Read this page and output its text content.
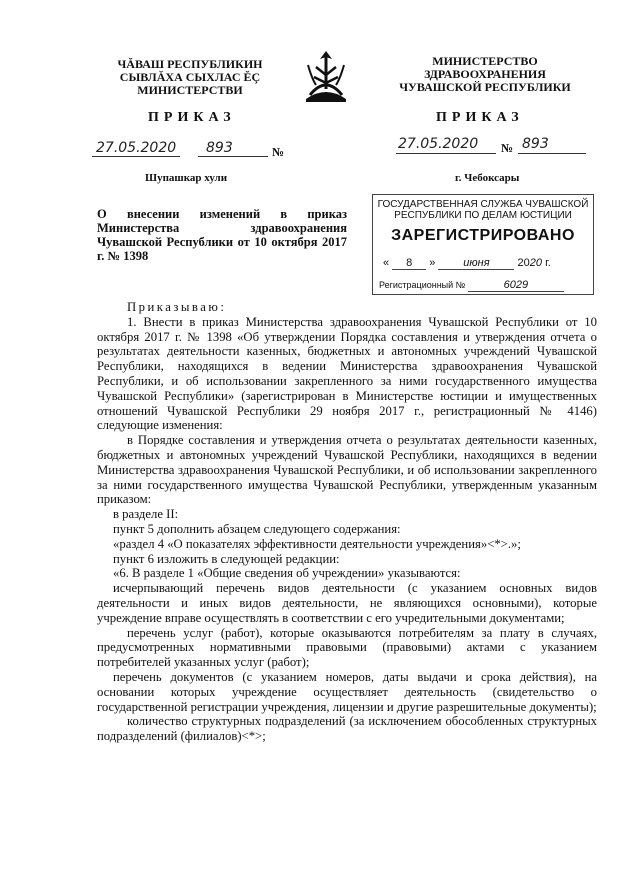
ЧĂВАШ РЕСПУБЛИКИН
СЫВЛĂХА СЫХЛАС ĔÇ
МИНИСТЕРСТВИ
МИНИСТЕРСТВО
ЗДРАВООХРАНЕНИЯ
ЧУВАШСКОЙ РЕСПУБЛИКИ
ПРИКАЗ	ПРИКАЗ
27.05.2020 893	№	27.05.2020 № 893
Шупашкар хули	г. Чебоксары
ГОСУДАРСТВЕННАЯ СЛУЖБА ЧУВАШСКОЙ
РЕСПУБЛИКИ ПО ДЕЛАМ ЮСТИЦИИ
ЗАРЕГИСТРИРОВАНО
« 8 »	июня	2020 г.
Регистрационный №	6029
О внесении изменений в приказ Министерства здравоохранения Чувашской Республики от 10 октября 2017 г. № 1398

Приказываю:

1. Внести в приказ Министерства здравоохранения Чувашской Республики от 10 октября 2017 г. № 1398 «Об утверждении Порядка составления и утверждения отчета о результатах деятельности казенных, бюджетных и автономных учреждений Чувашской Республики, находящихся в ведении Министерства здравоохранения Чувашской Республики, и об использовании закрепленного за ними государственного имущества Чувашской Республики» (зарегистрирован в Министерстве юстиции и имущественных отношений Чувашской Республики 29 ноября 2017 г., регистрационный № 4146) следующие изменения:

в Порядке составления и утверждения отчета о результатах деятельности казенных, бюджетных и автономных учреждений Чувашской Республики, находящихся в ведении Министерства здравоохранения Чувашской Республики, и об использовании закрепленного за ними государственного имущества Чувашской Республики, утвержденным указанным приказом:

в разделе II:

пункт 5 дополнить абзацем следующего содержания:

«раздел 4 «О показателях эффективности деятельности учреждения»<*>.»;

пункт 6 изложить в следующей редакции:

«6. В разделе 1 «Общие сведения об учреждении» указываются:

исчерпывающий перечень видов деятельности (с указанием основных видов деятельности и иных видов деятельности, не являющихся основными), которые учреждение вправе осуществлять в соответствии с его учредительными документами;

перечень услуг (работ), которые оказываются потребителям за плату в случаях, предусмотренных нормативными правовыми (правовыми) актами с указанием потребителей указанных услуг (работ);

перечень документов (с указанием номеров, даты выдачи и срока действия), на основании которых учреждение осуществляет деятельность (свидетельство о государственной регистрации учреждения, лицензии и другие разрешительные документы);

количество структурных подразделений (за исключением обособленных структурных подразделений (филиалов)<*>;
